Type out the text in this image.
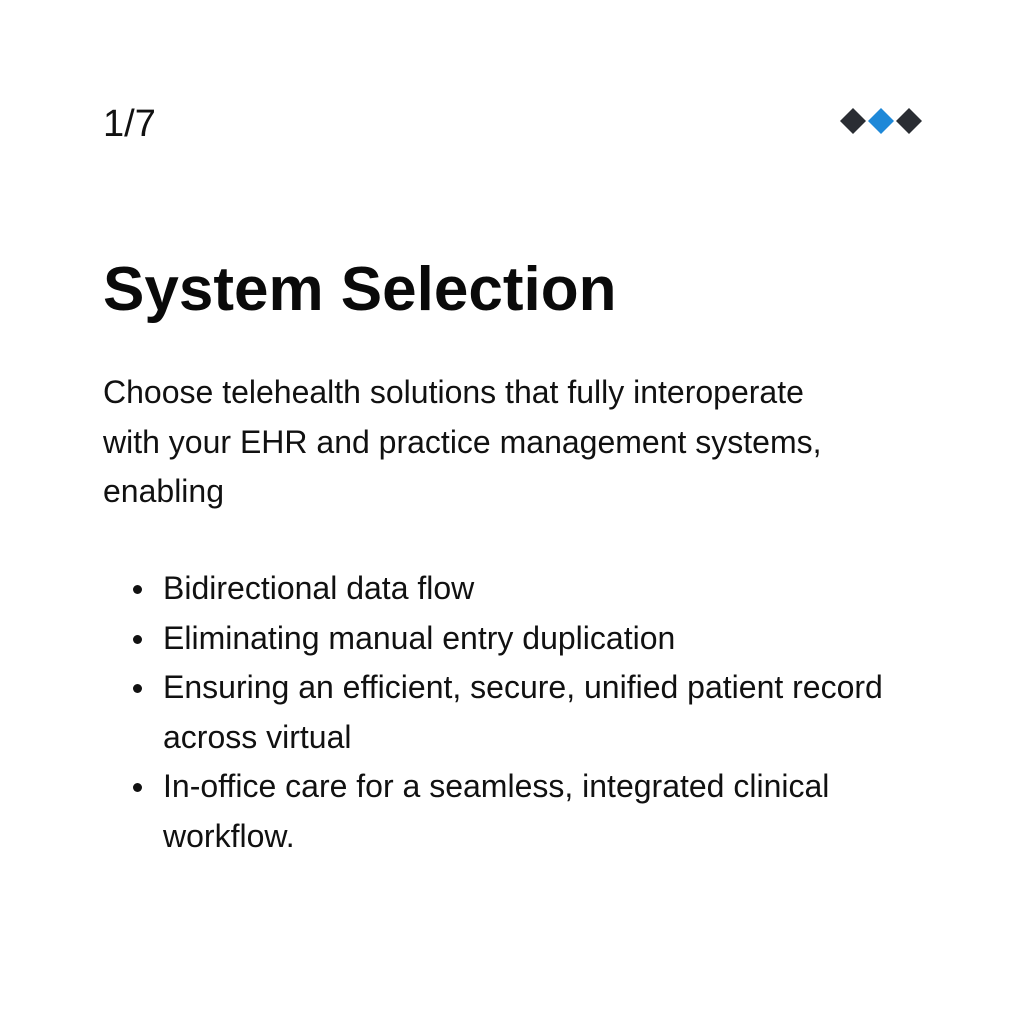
1/7
System Selection

Choose telehealth solutions that fully interoperate with your EHR and practice management systems, enabling

Bidirectional data flow
Eliminating manual entry duplication
Ensuring an efficient, secure, unified patient record across virtual
In-office care for a seamless, integrated clinical workflow.
